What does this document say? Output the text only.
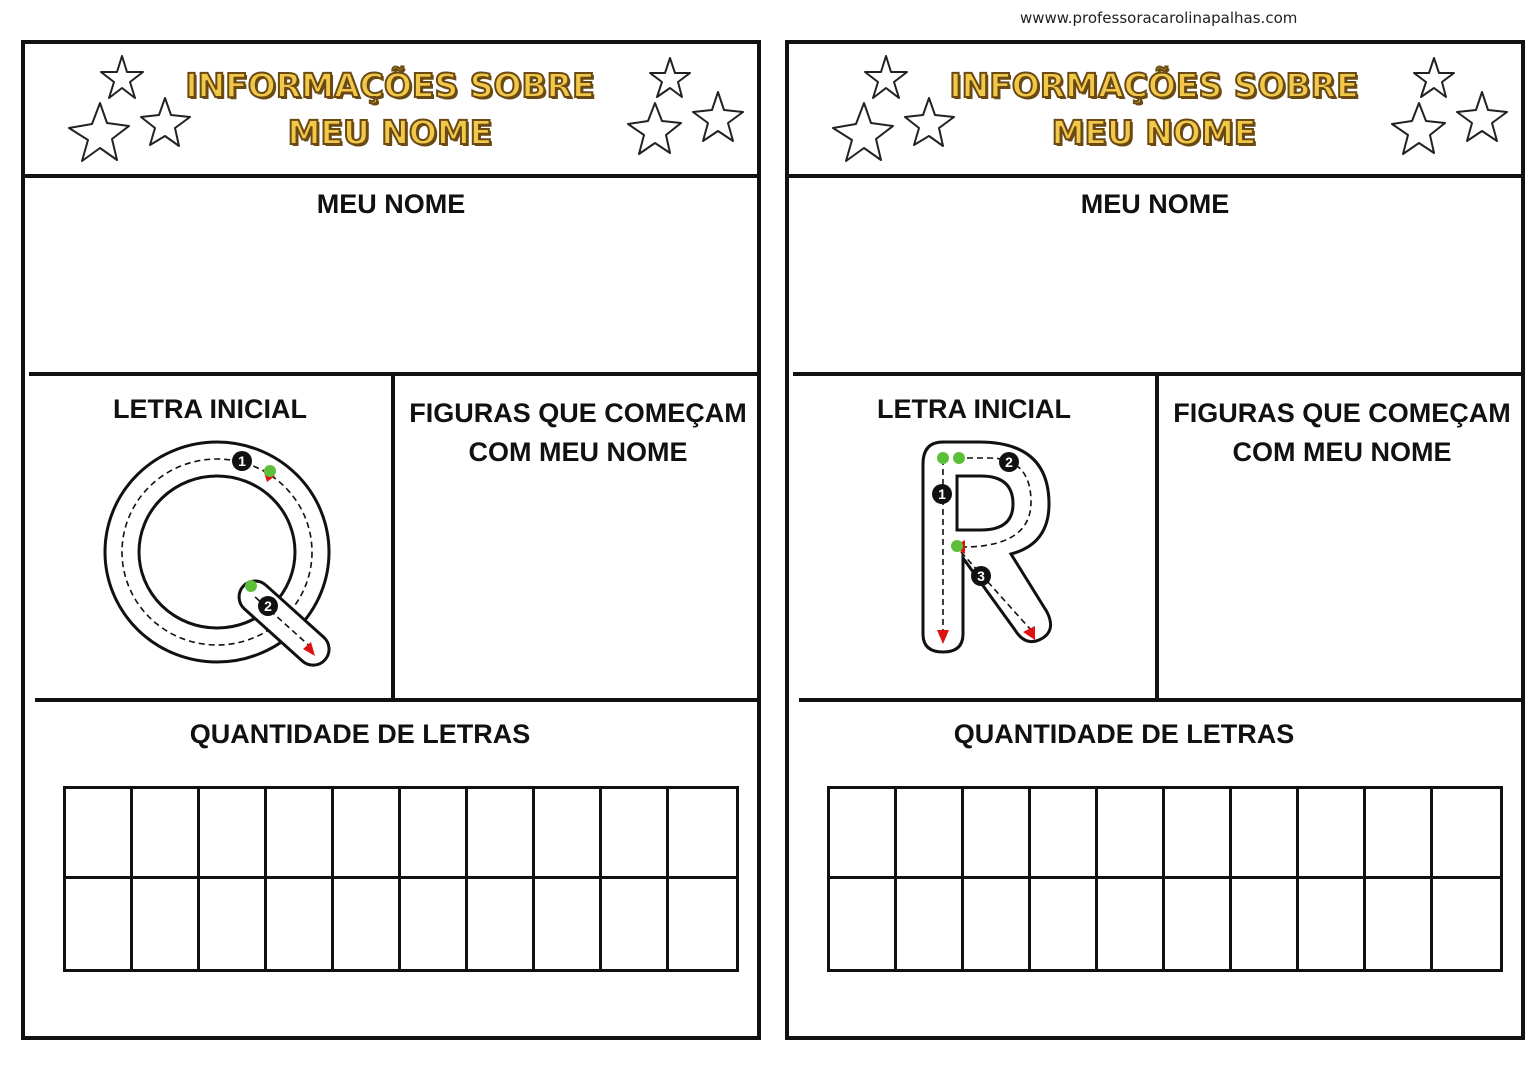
wwww.professoracarolinapalhas.com
INFORMAÇÕES SOBRE
MEU NOME
MEU NOME
LETRA INICIAL	FIGURAS QUE COMEÇAM
COM MEU NOME
1
2
QUANTIDADE DE LETRAS
INFORMAÇÕES SOBRE
MEU NOME
MEU NOME
LETRA INICIAL	FIGURAS QUE COMEÇAM
COM MEU NOME
1
2
3
QUANTIDADE DE LETRAS
